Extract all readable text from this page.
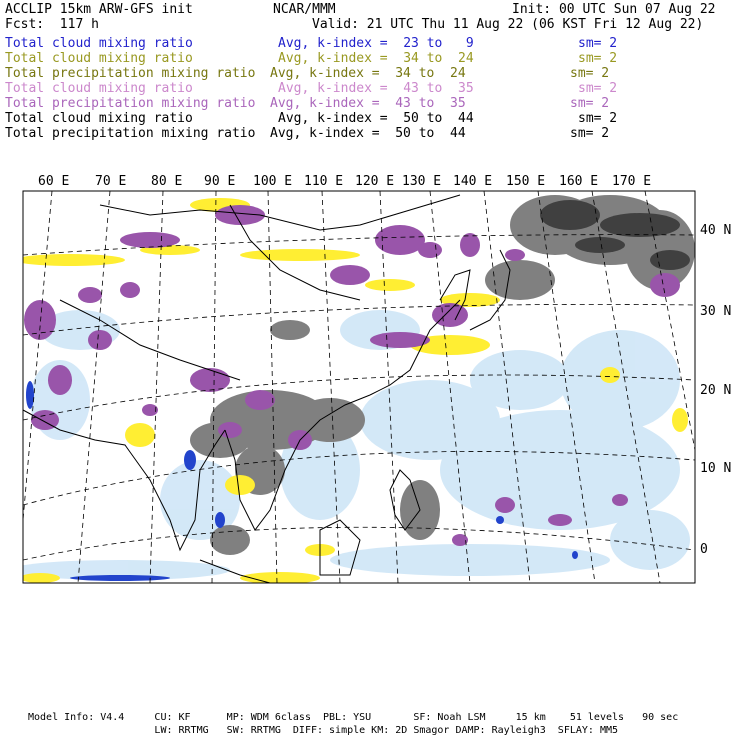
ACCLIP 15km ARW-GFS init	NCAR/MMM	Init: 00 UTC Sun 07 Aug 22
Fcst:  117 h	Valid: 21 UTC Thu 11 Aug 22 (06 KST Fri 12 Aug 22)
Total cloud mixing ratio	Avg, k-index =  23 to   9	sm= 2
Total cloud mixing ratio	Avg, k-index =  34 to  24	sm= 2
Total precipitation mixing ratio Avg, k-index =  34 to  24	sm= 2
Total cloud mixing ratio	Avg, k-index =  43 to  35	sm= 2
Total precipitation mixing ratio Avg, k-index =  43 to  35	sm= 2
Total cloud mixing ratio	Avg, k-index =  50 to  44	sm= 2
Total precipitation mixing ratio Avg, k-index =  50 to  44	sm= 2
60 E 70 E 80 E 90 E 100 E 110 E 120 E 130 E 140 E 150 E 160 E 170 E
40 N
30 N
20 N
10 N
0
Model Info: V4.4     CU: KF      MP: WDM 6class  PBL: YSU       SF: Noah LSM     15 km    51 levels   90 sec
LW: RRTMG   SW: RRTMG  DIFF: simple KM: 2D Smagor DAMP: Rayleigh3  SFLAY: MM5
